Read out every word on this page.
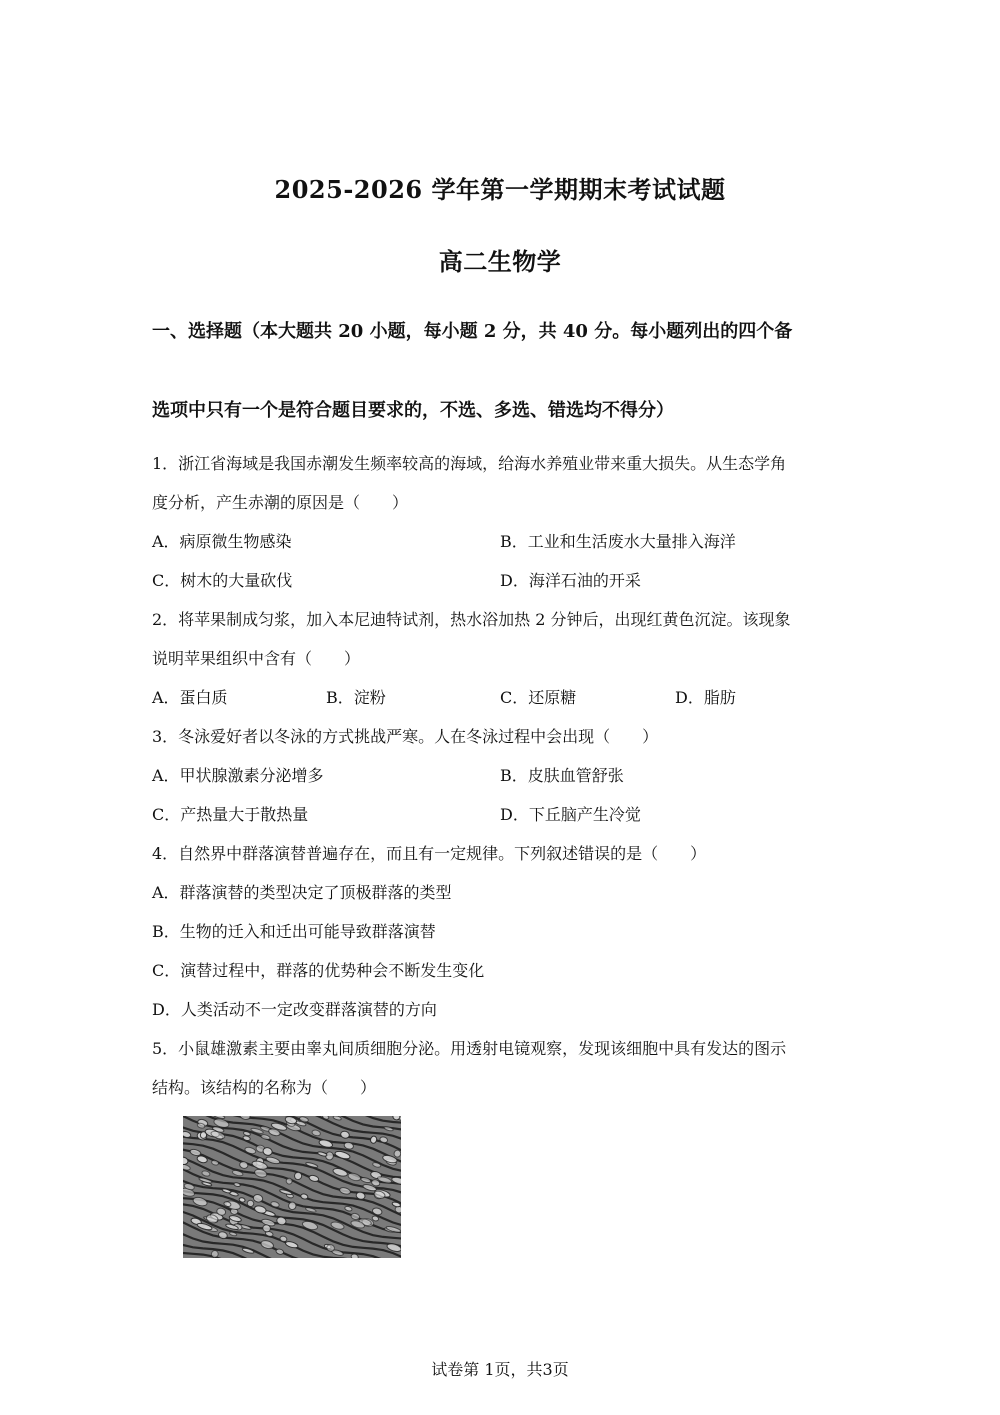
2025-2026 学年第一学期期末考试试题
高二生物学
一、选择题（本大题共 20 小题，每小题 2 分，共 40 分。每小题列出的四个备
选项中只有一个是符合题目要求的，不选、多选、错选均不得分）
1．浙江省海域是我国赤潮发生频率较高的海域，给海水养殖业带来重大损失。从生态学角
度分析，产生赤潮的原因是（　　）
A．病原微生物感染	B．工业和生活废水大量排入海洋
C．树木的大量砍伐	D．海洋石油的开采
2．将苹果制成匀浆，加入本尼迪特试剂，热水浴加热 2 分钟后，出现红黄色沉淀。该现象
说明苹果组织中含有（　　）
A．蛋白质	B．淀粉	C．还原糖	D．脂肪
3．冬泳爱好者以冬泳的方式挑战严寒。人在冬泳过程中会出现（　　）
A．甲状腺激素分泌增多	B．皮肤血管舒张
C．产热量大于散热量	D．下丘脑产生冷觉
4．自然界中群落演替普遍存在，而且有一定规律。下列叙述错误的是（　　）
A．群落演替的类型决定了顶极群落的类型
B．生物的迁入和迁出可能导致群落演替
C．演替过程中，群落的优势种会不断发生变化
D．人类活动不一定改变群落演替的方向
5．小鼠雄激素主要由睾丸间质细胞分泌。用透射电镜观察，发现该细胞中具有发达的图示
结构。该结构的名称为（　　）
试卷第 1页，共3页
